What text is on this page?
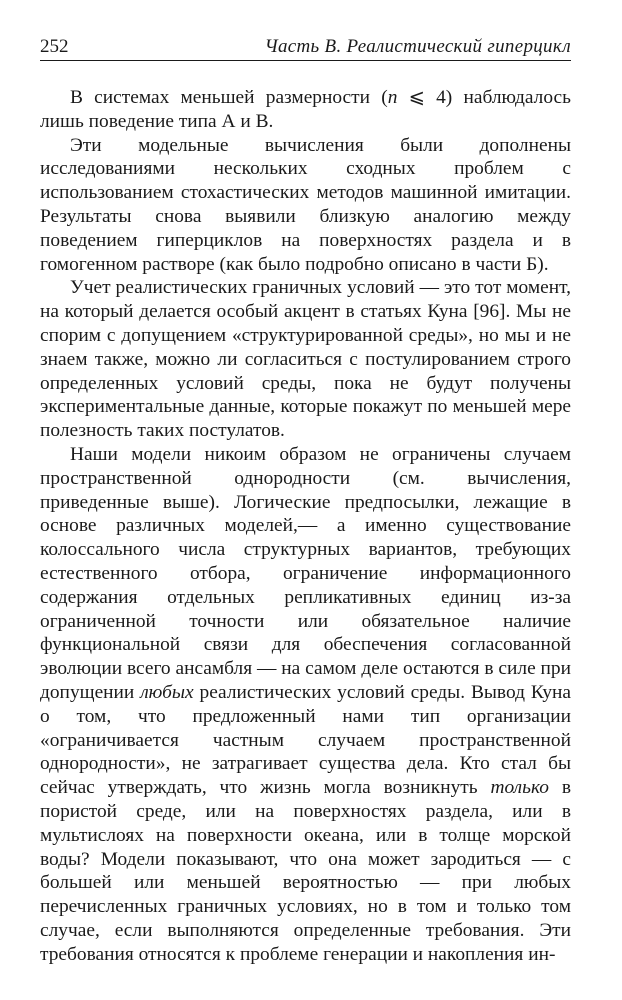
252	Часть В. Реалистический гиперцикл

В системах меньшей размерности (n ⩽ 4) наблюдалось лишь поведение типа А и В.

Эти модельные вычисления были дополнены исследованиями нескольких сходных проблем с использованием стохастических методов машинной имитации. Результаты снова выявили близкую аналогию между поведением гиперциклов на поверхностях раздела и в гомогенном растворе (как было подробно описано в части Б).

Учет реалистических граничных условий — это тот момент, на который делается особый акцент в статьях Куна [96]. Мы не спорим с допущением «структурированной среды», но мы и не знаем также, можно ли согласиться с постулированием строго определенных условий среды, пока не будут получены экспериментальные данные, которые покажут по меньшей мере полезность таких постулатов.

Наши модели никоим образом не ограничены случаем пространственной однородности (см. вычисления, приведенные выше). Логические предпосылки, лежащие в основе различных моделей,— а именно существование колоссального числа структурных вариантов, требующих естественного отбора, ограничение информационного содержания отдельных репликативных единиц из-за ограниченной точности или обязательное наличие функциональной связи для обеспечения согласованной эволюции всего ансамбля — на самом деле остаются в силе при допущении любых реалистических условий среды. Вывод Куна о том, что предложенный нами тип организации «ограничивается частным случаем пространственной однородности», не затрагивает существа дела. Кто стал бы сейчас утверждать, что жизнь могла возникнуть только в пористой среде, или на поверхностях раздела, или в мультислоях на поверхности океана, или в толще морской воды? Модели показывают, что она может зародиться — с большей или меньшей вероятностью — при любых перечисленных граничных условиях, но в том и только том случае, если выполняются определенные требования. Эти требования относятся к проблеме генерации и накопления ин-
